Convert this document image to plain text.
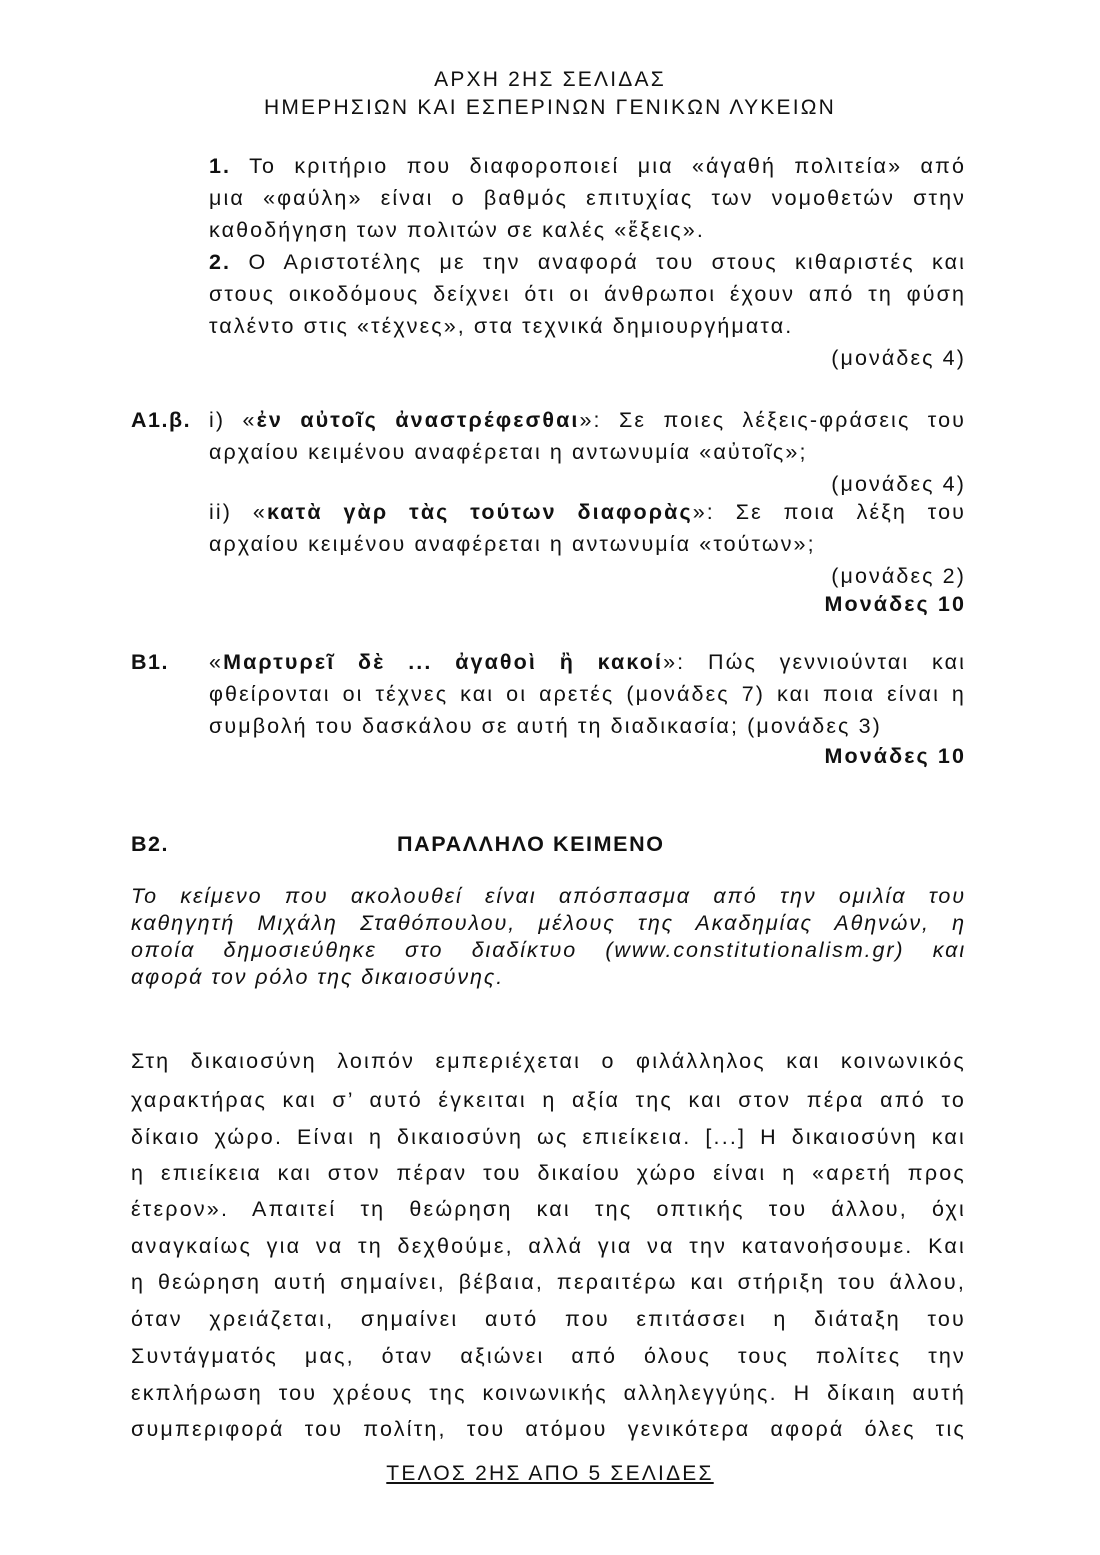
ΑΡΧΗ 2ΗΣ ΣΕΛΙΔΑΣ
ΗΜΕΡΗΣΙΩΝ ΚΑΙ ΕΣΠΕΡΙΝΩΝ ΓΕΝΙΚΩΝ ΛΥΚΕΙΩΝ
1. Το κριτήριο που διαφοροποιεί μια «άγαθή πολιτεία» από
μια «φαύλη» είναι ο βαθμός επιτυχίας των νομοθετών στην
καθοδήγηση των πολιτών σε καλές «ἕξεις».
2. Ο Αριστοτέλης με την αναφορά του στους κιθαριστές και
στους οικοδόμους δείχνει ότι οι άνθρωποι έχουν από τη φύση
ταλέντο στις «τέχνες», στα τεχνικά δημιουργήματα.
(μονάδες 4)
Α1.β. i) «ἐν αὐτοῖς ἀναστρέφεσθαι»: Σε ποιες λέξεις-φράσεις του
αρχαίου κειμένου αναφέρεται η αντωνυμία «αὐτοῖς»;
(μονάδες 4)
ii) «κατὰ γὰρ τὰς τούτων διαφορὰς»: Σε ποια λέξη του
αρχαίου κειμένου αναφέρεται η αντωνυμία «τούτων»;
(μονάδες 2)
Μονάδες 10
Β1. «Μαρτυρεῖ δὲ ... ἀγαθοὶ ἢ κακοί»: Πώς γεννιούνται και
φθείρονται οι τέχνες και οι αρετές (μονάδες 7) και ποια είναι η
συμβολή του δασκάλου σε αυτή τη διαδικασία; (μονάδες 3)
Μονάδες 10
Β2.	ΠΑΡΑΛΛΗΛΟ ΚΕΙΜΕΝΟ
Το κείμενο που ακολουθεί είναι απόσπασμα από την ομιλία του
καθηγητή Μιχάλη Σταθόπουλου, μέλους της Ακαδημίας Αθηνών, η
οποία δημοσιεύθηκε στο διαδίκτυο (www.constitutionalism.gr) και
αφορά τον ρόλο της δικαιοσύνης.
Στη δικαιοσύνη λοιπόν εμπεριέχεται ο φιλάλληλος και κοινωνικός
χαρακτήρας και σ’ αυτό έγκειται η αξία της και στον πέρα από το
δίκαιο χώρο. Είναι η δικαιοσύνη ως επιείκεια. [...] Η δικαιοσύνη και
η επιείκεια και στον πέραν του δικαίου χώρο είναι η «αρετή προς
έτερον». Απαιτεί τη θεώρηση και της οπτικής του άλλου, όχι
αναγκαίως για να τη δεχθούμε, αλλά για να την κατανοήσουμε. Και
η θεώρηση αυτή σημαίνει, βέβαια, περαιτέρω και στήριξη του άλλου,
όταν χρειάζεται, σημαίνει αυτό που επιτάσσει η διάταξη του
Συντάγματός μας, όταν αξιώνει από όλους τους πολίτες την
εκπλήρωση του χρέους της κοινωνικής αλληλεγγύης. Η δίκαιη αυτή
συμπεριφορά του πολίτη, του ατόμου γενικότερα αφορά όλες τις
ΤΕΛΟΣ 2ΗΣ ΑΠΟ 5 ΣΕΛΙΔΕΣ
